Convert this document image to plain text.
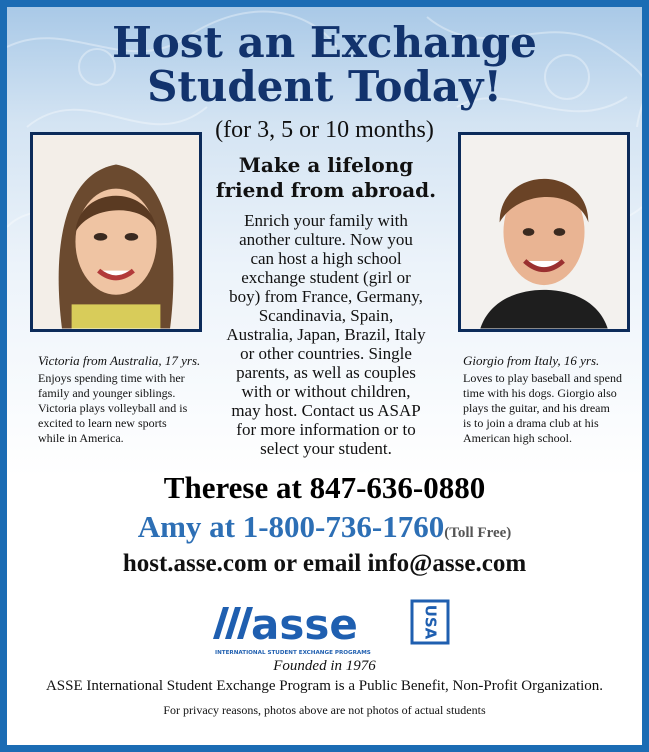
Host an Exchange
Student Today!
(for 3, 5 or 10 months)
Victoria from Australia, 17 yrs.
Enjoys spending time with her
family and younger siblings.
Victoria plays volleyball and is
excited to learn new sports
while in America.
Giorgio from Italy, 16 yrs.
Loves to play baseball and spend
time with his dogs. Giorgio also
plays the guitar, and his dream
is to join a drama club at his
American high school.
Make a lifelong
friend from abroad.
Enrich your family with
another culture. Now you
can host a high school
exchange student (girl or
boy) from France, Germany,
Scandinavia, Spain,
Australia, Japan, Brazil, Italy
or other countries. Single
parents, as well as couples
with or without children,
may host. Contact us ASAP
for more information or to
select your student.
Therese at 847-636-0880
Amy at 1-800-736-1760(Toll Free)
host.asse.com or email info@asse.com
asse	USA
INTERNATIONAL STUDENT EXCHANGE PROGRAMS
Founded in 1976
ASSE International Student Exchange Program is a Public Benefit, Non-Profit Organization.
For privacy reasons, photos above are not photos of actual students
